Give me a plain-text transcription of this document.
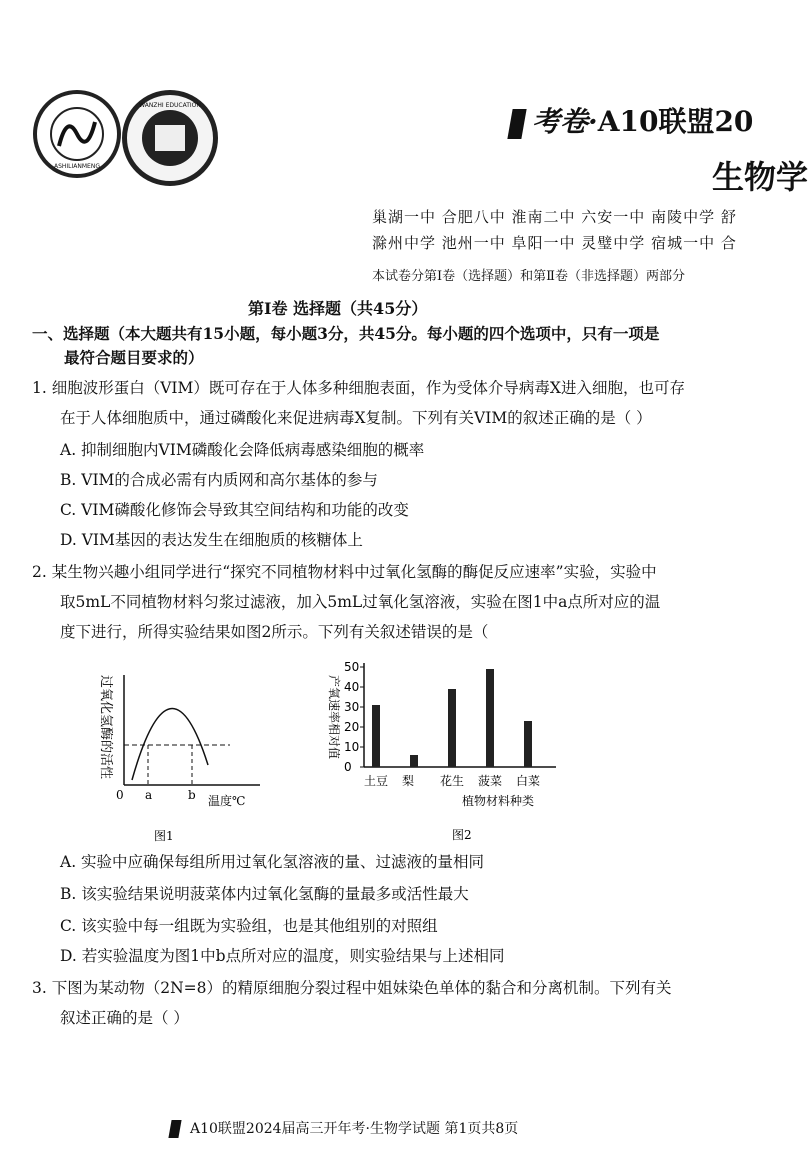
ASHILIANMENG
WANZHI EDUCATION	考卷·A10联盟20
生物学
巢湖一中 合肥八中 淮南二中 六安一中 南陵中学 舒
滁州中学 池州一中 阜阳一中 灵璧中学 宿城一中 合
本试卷分第Ⅰ卷（选择题）和第Ⅱ卷（非选择题）两部分
第Ⅰ卷 选择题（共45分）
一、选择题（本大题共有15小题，每小题3分，共45分。每小题的四个选项中，只有一项是
最符合题目要求的）
1. 细胞波形蛋白（VIM）既可存在于人体多种细胞表面，作为受体介导病毒X进入细胞，也可存
在于人体细胞质中，通过磷酸化来促进病毒X复制。下列有关VIM的叙述正确的是（ ）
A. 抑制细胞内VIM磷酸化会降低病毒感染细胞的概率
B. VIM的合成必需有内质网和高尔基体的参与
C. VIM磷酸化修饰会导致其空间结构和功能的改变
D. VIM基因的表达发生在细胞质的核糖体上
2. 某生物兴趣小组同学进行“探究不同植物材料中过氧化氢酶的酶促反应速率”实验，实验中
取5mL不同植物材料匀浆过滤液，加入5mL过氧化氢溶液，实验在图1中a点所对应的温
度下进行，所得实验结果如图2所示。下列有关叙述错误的是（
过氧化氢酶的活性
0 a	b 温度℃
图1
产氧速率相对值
植物材料种类
图2
0
10
20
30
40
50
土豆 梨 花生 菠菜 白菜
A. 实验中应确保每组所用过氧化氢溶液的量、过滤液的量相同
B. 该实验结果说明菠菜体内过氧化氢酶的量最多或活性最大
C. 该实验中每一组既为实验组，也是其他组别的对照组
D. 若实验温度为图1中b点所对应的温度，则实验结果与上述相同
3. 下图为某动物（2N=8）的精原细胞分裂过程中姐妹染色单体的黏合和分离机制。下列有关
叙述正确的是（ ）
A10联盟2024届高三开年考·生物学试题 第1页共8页
